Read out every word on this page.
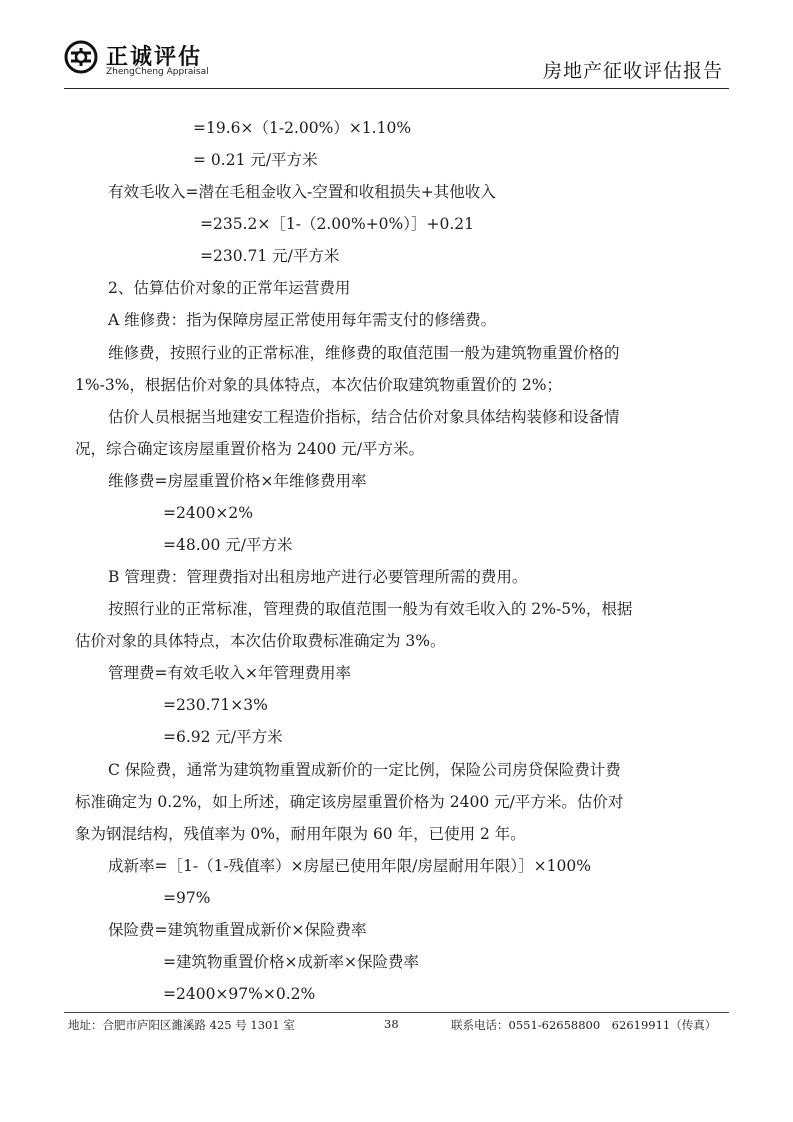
正诚评估
ZhengCheng Appraisal	房地产征收评估报告
=19.6×（1-2.00%）×1.10%
= 0.21 元/平方米
有效毛收入=潜在毛租金收入-空置和收租损失+其他收入
=235.2×［1-（2.00%+0%）］+0.21
=230.71 元/平方米
2、估算估价对象的正常年运营费用
A 维修费：指为保障房屋正常使用每年需支付的修缮费。
维修费，按照行业的正常标准，维修费的取值范围一般为建筑物重置价格的
1%-3%，根据估价对象的具体特点，本次估价取建筑物重置价的 2%；
估价人员根据当地建安工程造价指标，结合估价对象具体结构装修和设备情
况，综合确定该房屋重置价格为 2400 元/平方米。
维修费=房屋重置价格×年维修费用率
=2400×2%
=48.00 元/平方米
B 管理费：管理费指对出租房地产进行必要管理所需的费用。
按照行业的正常标准，管理费的取值范围一般为有效毛收入的 2%-5%，根据
估价对象的具体特点，本次估价取费标准确定为 3%。
管理费=有效毛收入×年管理费用率
=230.71×3%
=6.92 元/平方米
C 保险费，通常为建筑物重置成新价的一定比例，保险公司房贷保险费计费
标准确定为 0.2%，如上所述，确定该房屋重置价格为 2400 元/平方米。估价对
象为钢混结构，残值率为 0%，耐用年限为 60 年，已使用 2 年。
成新率=［1-（1-残值率）×房屋已使用年限/房屋耐用年限）］×100%
=97%
保险费=建筑物重置成新价×保险费率
=建筑物重置价格×成新率×保险费率
=2400×97%×0.2%
地址：合肥市庐阳区濉溪路 425 号 1301 室	38	联系电话：0551-62658800　62619911（传真）
